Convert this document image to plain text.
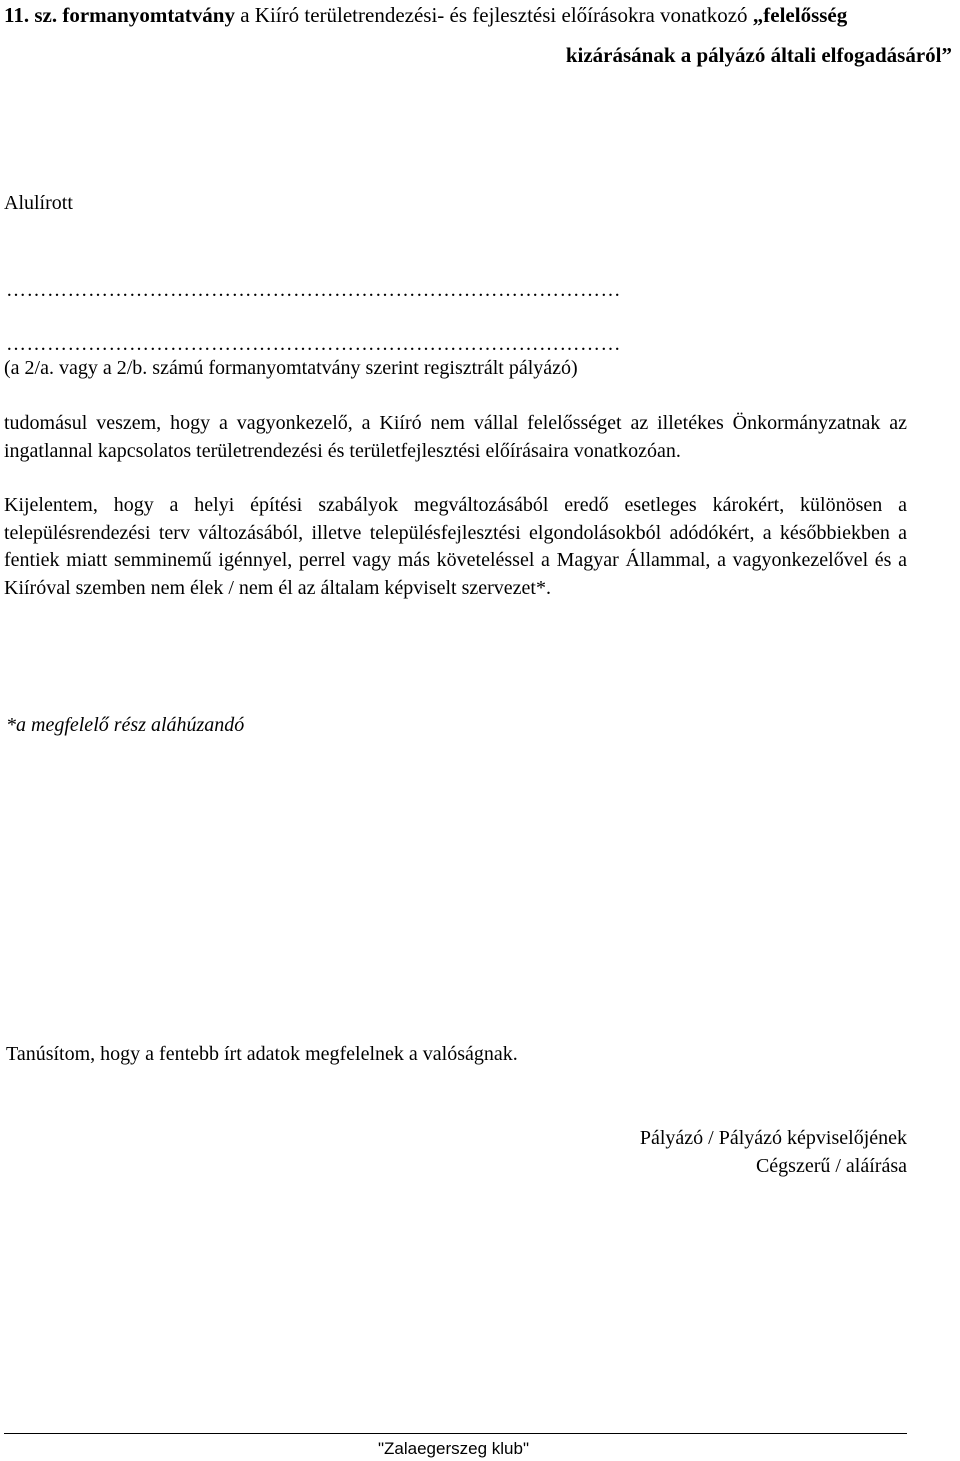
11. sz. formanyomtatvány a Kiíró területrendezési- és fejlesztési előírásokra vonatkozó „felelősség
kizárásának a pályázó általi elfogadásáról”
Alulírott
………………………………………………………………………………
………………………………………………………………………………
(a 2/a. vagy a 2/b. számú formanyomtatvány szerint regisztrált pályázó)
tudomásul veszem, hogy a vagyonkezelő, a Kiíró nem vállal felelősséget az illetékes Önkormányzatnak az ingatlannal kapcsolatos területrendezési és területfejlesztési előírásaira vonatkozóan.
Kijelentem, hogy a helyi építési szabályok megváltozásából eredő esetleges károkért, különösen a településrendezési terv változásából, illetve településfejlesztési elgondolásokból adódókért, a későbbiekben a fentiek miatt semminemű igénnyel, perrel vagy más követeléssel a Magyar Állammal, a vagyonkezelővel és a Kiíróval szemben nem élek / nem él az általam képviselt szervezet*.
*a megfelelő rész aláhúzandó
Tanúsítom, hogy a fentebb írt adatok megfelelnek a valóságnak.
Pályázó / Pályázó képviselőjének
Cégszerű / aláírása
"Zalaegerszeg klub"
